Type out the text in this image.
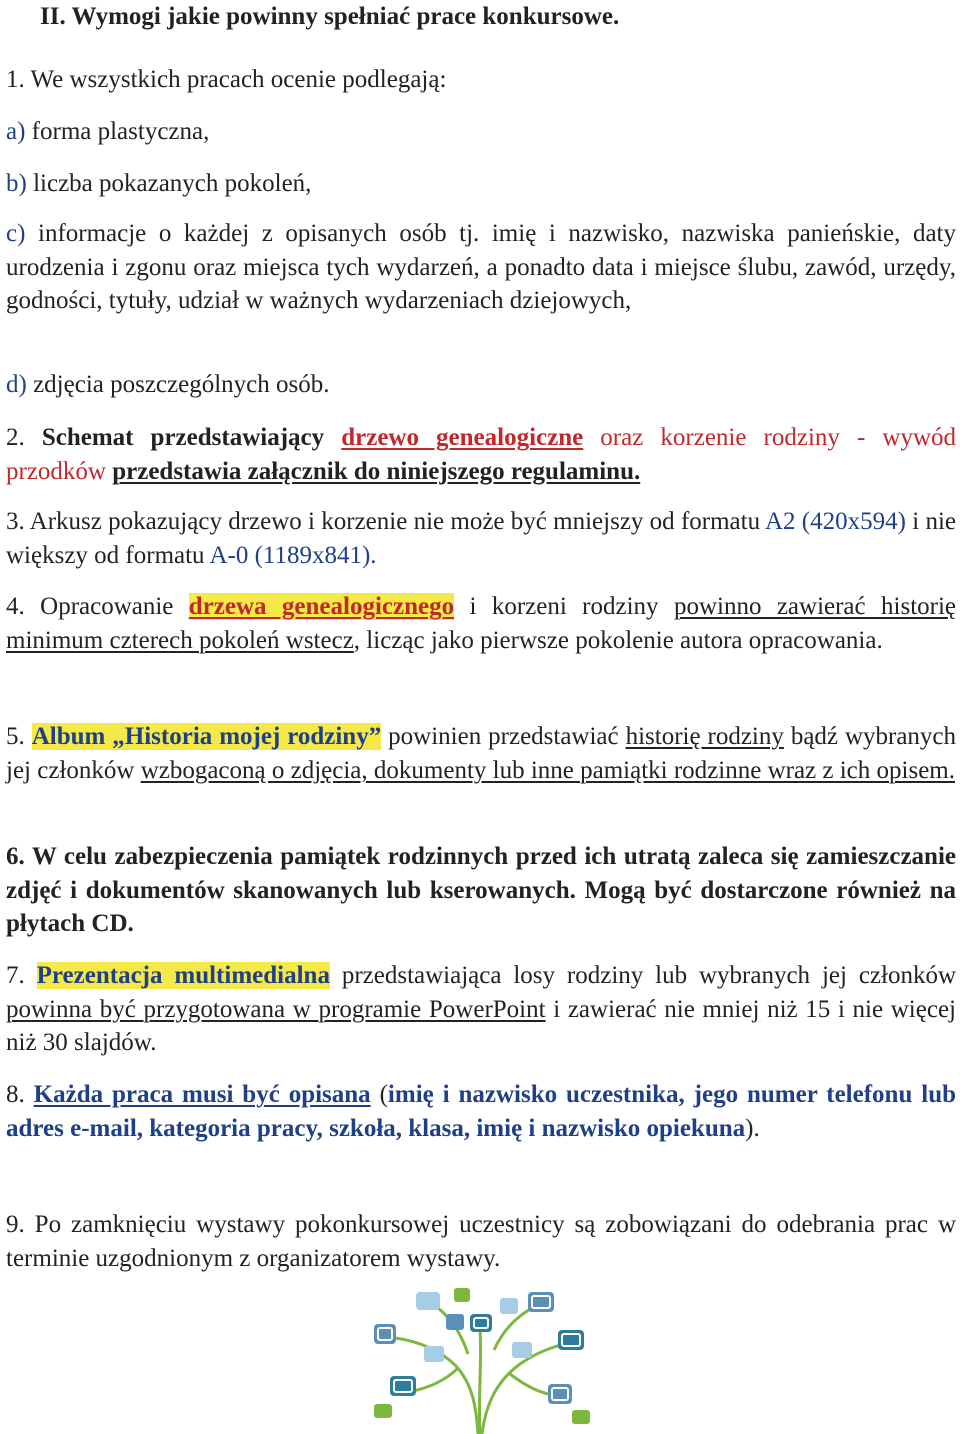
II. Wymogi jakie powinny spełniać prace konkursowe.

1. We wszystkich pracach ocenie podlegają:

a) forma plastyczna,

b) liczba pokazanych pokoleń,

c) informacje o każdej z opisanych osób tj. imię i nazwisko, nazwiska panieńskie, daty urodzenia i zgonu oraz miejsca tych wydarzeń, a ponadto data i miejsce ślubu, zawód, urzędy, godności, tytuły, udział w ważnych wydarzeniach dziejowych,

d) zdjęcia poszczególnych osób.

2. Schemat przedstawiający drzewo genealogiczne oraz korzenie rodziny - wywód przodków przedstawia załącznik do niniejszego regulaminu.

3. Arkusz pokazujący drzewo i korzenie nie może być mniejszy od formatu A2 (420x594) i nie większy od formatu A-0 (1189x841).

4. Opracowanie drzewa genealogicznego i korzeni rodziny powinno zawierać historię minimum czterech pokoleń wstecz, licząc jako pierwsze pokolenie autora opracowania.

5. Album „Historia mojej rodziny” powinien przedstawiać historię rodziny bądź wybranych jej członków wzbogaconą o zdjęcia, dokumenty lub inne pamiątki rodzinne wraz z ich opisem.

6. W celu zabezpieczenia pamiątek rodzinnych przed ich utratą zaleca się zamieszczanie zdjęć i dokumentów skanowanych lub kserowanych. Mogą być dostarczone również na płytach CD.

7. Prezentacja multimedialna przedstawiająca losy rodziny lub wybranych jej członków powinna być przygotowana w programie PowerPoint i zawierać nie mniej niż 15 i nie więcej niż 30 slajdów.

8. Każda praca musi być opisana (imię i nazwisko uczestnika, jego numer telefonu lub adres e-mail, kategoria pracy, szkoła, klasa, imię i nazwisko opiekuna).

9. Po zamknięciu wystawy pokonkursowej uczestnicy są zobowiązani do odebrania prac w terminie uzgodnionym z organizatorem wystawy.
